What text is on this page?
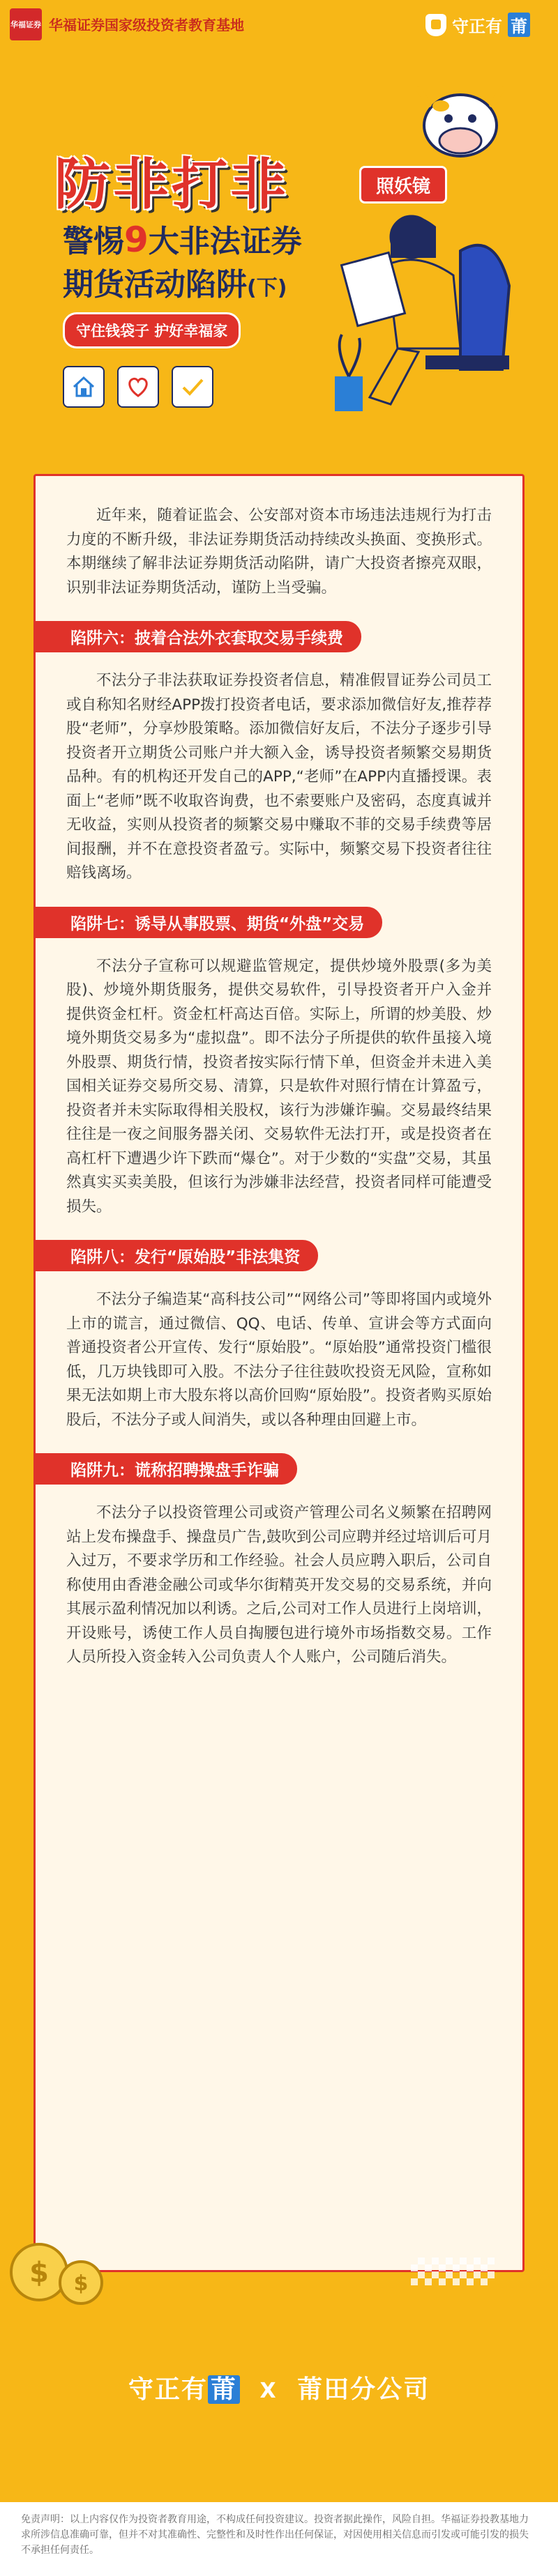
华福证券 华福证券国家级投资者教育基地	守正有 莆
防非打非	照妖镜
警惕9大非法证券
期货活动陷阱(下)
守住钱袋子 护好幸福家

近年来，随着证监会、公安部对资本市场违法违规行为打击力度的不断升级，非法证券期货活动持续改头换面、变换形式。本期继续了解非法证券期货活动陷阱，请广大投资者擦亮双眼，识别非法证券期货活动，谨防上当受骗。

陷阱六：披着合法外衣套取交易手续费

不法分子非法获取证券投资者信息，精准假冒证券公司员工或自称知名财经APP拨打投资者电话，要求添加微信好友,推荐荐股“老师”，分享炒股策略。添加微信好友后，不法分子逐步引导投资者开立期货公司账户并大额入金，诱导投资者频繁交易期货品种。有的机构还开发自己的APP,“老师”在APP内直播授课。表面上“老师”既不收取咨询费，也不索要账户及密码，态度真诚并无收益，实则从投资者的频繁交易中赚取不菲的交易手续费等居间报酬，并不在意投资者盈亏。实际中，频繁交易下投资者往往赔钱离场。

陷阱七：诱导从事股票、期货“外盘”交易

不法分子宣称可以规避监管规定，提供炒境外股票(多为美股)、炒境外期货服务，提供交易软件，引导投资者开户入金并提供资金杠杆。资金杠杆高达百倍。实际上，所谓的炒美股、炒境外期货交易多为“虚拟盘”。即不法分子所提供的软件虽接入境外股票、期货行情，投资者按实际行情下单，但资金并未进入美国相关证券交易所交易、清算，只是软件对照行情在计算盈亏，投资者并未实际取得相关股权，该行为涉嫌诈骗。交易最终结果往往是一夜之间服务器关闭、交易软件无法打开，或是投资者在高杠杆下遭遇少许下跌而“爆仓”。对于少数的“实盘”交易，其虽然真实买卖美股，但该行为涉嫌非法经营，投资者同样可能遭受损失。

陷阱八：发行“原始股”非法集资

不法分子编造某“高科技公司”“网络公司”等即将国内或境外上市的谎言，通过微信、QQ、电话、传单、宣讲会等方式面向普通投资者公开宣传、发行“原始股”。“原始股”通常投资门槛很低，几万块钱即可入股。不法分子往往鼓吹投资无风险，宣称如果无法如期上市大股东将以高价回购“原始股”。投资者购买原始股后，不法分子或人间消失，或以各种理由回避上市。

陷阱九：谎称招聘操盘手诈骗

不法分子以投资管理公司或资产管理公司名义频繁在招聘网站上发布操盘手、操盘员广告,鼓吹到公司应聘并经过培训后可月入过万，不要求学历和工作经验。社会人员应聘入职后，公司自称使用由香港金融公司或华尔街精英开发交易的交易系统，并向其展示盈利情况加以利诱。之后,公司对工作人员进行上岗培训，开设账号，诱使工作人员自掏腰包进行境外市场指数交易。工作人员所投入资金转入公司负责人个人账户，公司随后消失。

$ $
守正有 莆 X 莆田分公司
免责声明：以上内容仅作为投资者教育用途，不构成任何投资建议。投资者据此操作，风险自担。华福证券投教基地力求所涉信息准确可靠，但并不对其准确性、完整性和及时性作出任何保证，对因使用相关信息而引发或可能引发的损失不承担任何责任。
